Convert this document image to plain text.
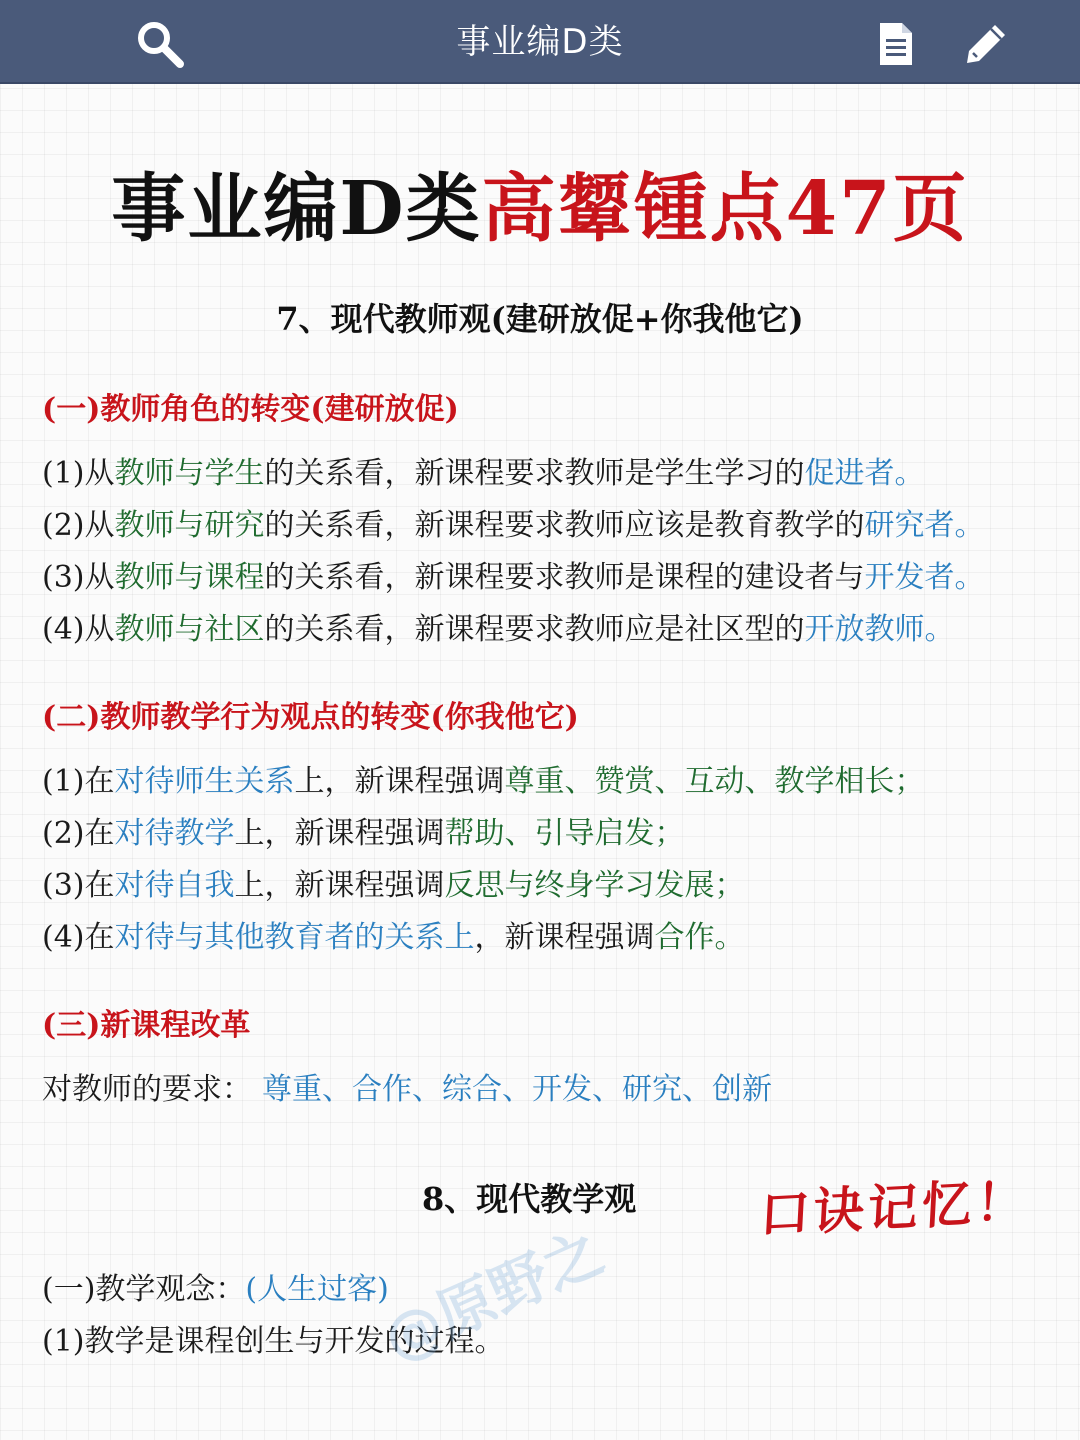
事业编D类
事业编D类高颦锺点47页
7、现代教师观(建研放促+你我他它)
(一)教师角色的转变(建研放促)
(1)从教师与学生的关系看，新课程要求教师是学生学习的促进者。
(2)从教师与研究的关系看，新课程要求教师应该是教育教学的研究者。
(3)从教师与课程的关系看，新课程要求教师是课程的建设者与开发者。
(4)从教师与社区的关系看，新课程要求教师应是社区型的开放教师。
(二)教师教学行为观点的转变(你我他它)
(1)在对待师生关系上，新课程强调尊重、赞赏、互动、教学相长；
(2)在对待教学上，新课程强调帮助、引导启发；
(3)在对待自我上，新课程强调反思与终身学习发展；
(4)在对待与其他教育者的关系上，新课程强调合作。
(三)新课程改革
对教师的要求： 尊重、合作、综合、开发、研究、创新
8、现代教学观
(一)教学观念：(人生过客)
(1)教学是课程创生与开发的过程。
口诀记忆！
@原野之
